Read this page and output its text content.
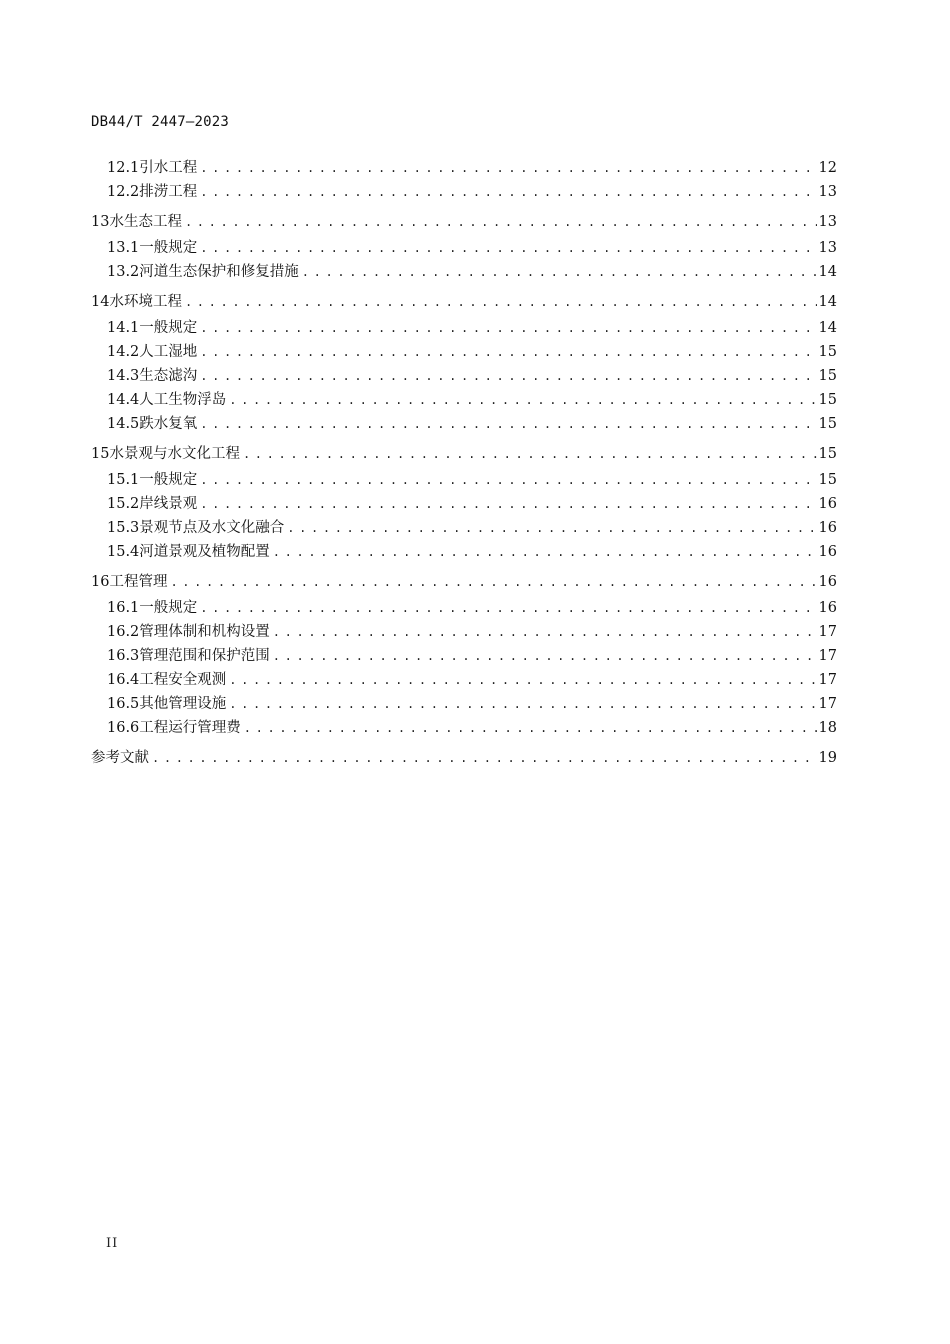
DB44/T 2447—2023
12.1 引水工程 . . .	12
12.2 排涝工程 . . .	13
13 水生态工程 . . .	13
13.1 一般规定 . . .	13
13.2 河道生态保护和修复措施 . . .	14
14 水环境工程 . . .	14
14.1 一般规定 . . .	14
14.2 人工湿地 . . .	15
14.3 生态滤沟 . . .	15
14.4 人工生物浮岛 . . .	15
14.5 跌水复氧 . . .	15
15 水景观与水文化工程 . . .	15
15.1 一般规定 . . .	15
15.2 岸线景观 . . .	16
15.3 景观节点及水文化融合 . . .	16
15.4 河道景观及植物配置 . . .	16
16 工程管理 . . .	16
16.1 一般规定 . . .	16
16.2 管理体制和机构设置 . . .	17
16.3 管理范围和保护范围 . . .	17
16.4 工程安全观测 . . .	17
16.5 其他管理设施 . . .	17
16.6 工程运行管理费 . . .	18
参考文献 . . .	19
II
